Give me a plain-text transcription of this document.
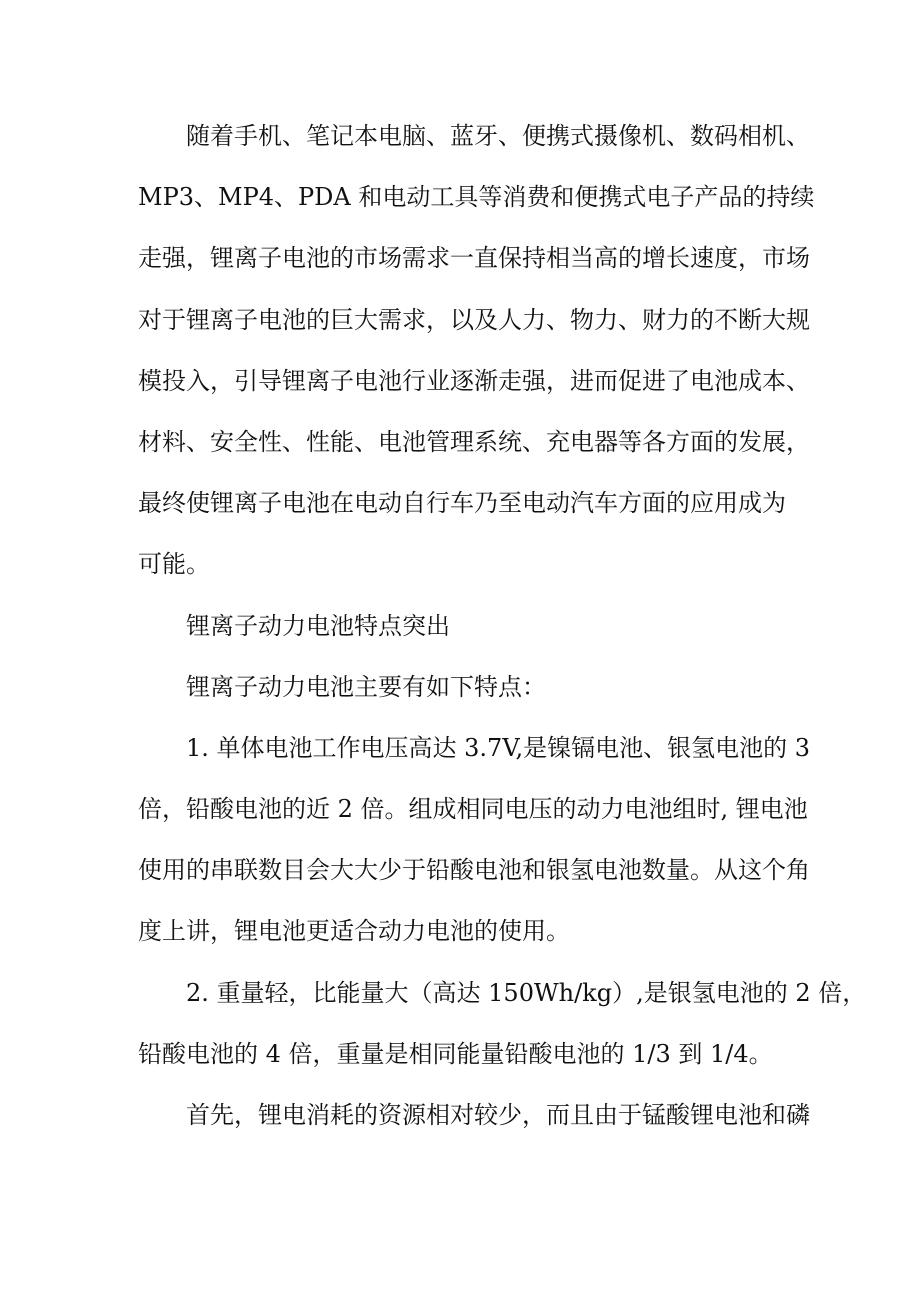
随着手机、笔记本电脑、蓝牙、便携式摄像机、数码相机、
MP3、MP4、PDA 和电动工具等消费和便携式电子产品的持续
走强，锂离子电池的市场需求一直保持相当高的增长速度，市场
对于锂离子电池的巨大需求，以及人力、物力、财力的不断大规
模投入，引导锂离子电池行业逐渐走强，进而促进了电池成本、
材料、安全性、性能、电池管理系统、充电器等各方面的发展，
最终使锂离子电池在电动自行车乃至电动汽车方面的应用成为
可能。
锂离子动力电池特点突出
锂离子动力电池主要有如下特点：
1. 单体电池工作电压高达 3.7V,是镍镉电池、银氢电池的 3
倍，铅酸电池的近 2 倍。组成相同电压的动力电池组时, 锂电池
使用的串联数目会大大少于铅酸电池和银氢电池数量。从这个角
度上讲，锂电池更适合动力电池的使用。
2. 重量轻，比能量大（高达 150Wh/kg）,是银氢电池的 2 倍，
铅酸电池的 4 倍，重量是相同能量铅酸电池的 1/3 到 1/4。
首先，锂电消耗的资源相对较少，而且由于锰酸锂电池和磷
